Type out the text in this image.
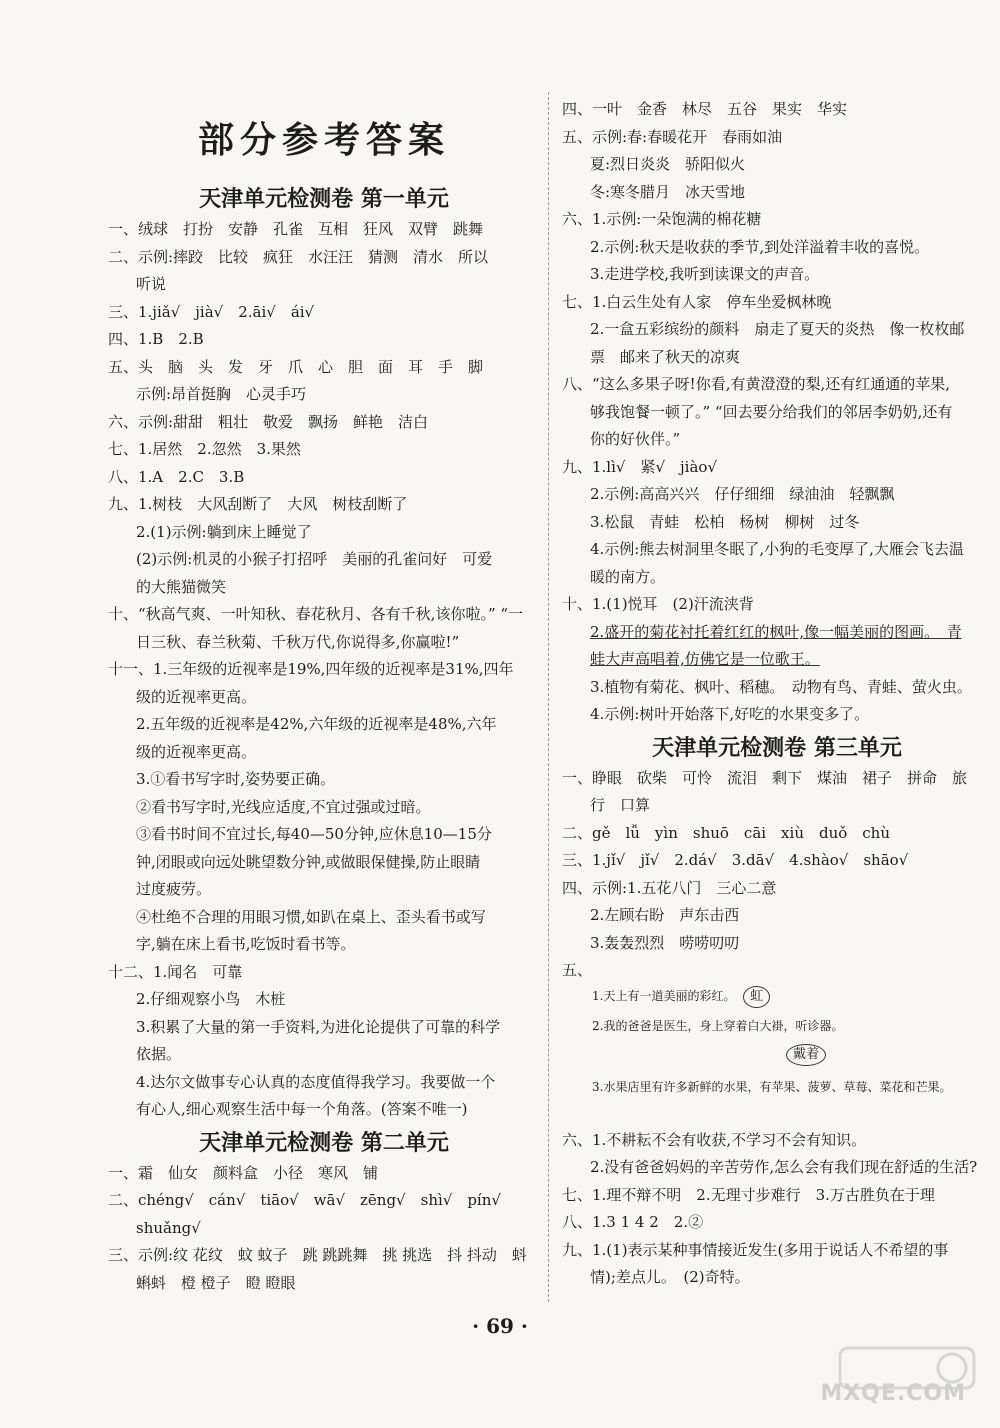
部分参考答案
天津单元检测卷 第一单元
一、绒球　打扮　安静　孔雀　互相　狂风　双臂　跳舞
二、示例:摔跤　比较　疯狂　水汪汪　猜测　清水　所以
听说
三、1.jiǎ√　jià√　2.āi√　ái√
四、1.B　2.B
五、头　脑　头　发　牙　爪　心　胆　面　耳　手　脚
示例:昂首挺胸　心灵手巧
六、示例:甜甜　粗壮　敬爱　飘扬　鲜艳　洁白
七、1.居然　2.忽然　3.果然
八、1.A　2.C　3.B
九、1.树枝　大风刮断了　大风　树枝刮断了
2.(1)示例:躺到床上睡觉了
(2)示例:机灵的小猴子打招呼　美丽的孔雀问好　可爱
的大熊猫微笑
十、“秋高气爽、一叶知秋、春花秋月、各有千秋,该你啦。” “一
日三秋、春兰秋菊、千秋万代,你说得多,你赢啦!”
十一、1.三年级的近视率是19%,四年级的近视率是31%,四年
级的近视率更高。
2.五年级的近视率是42%,六年级的近视率是48%,六年
级的近视率更高。
3.①看书写字时,姿势要正确。
②看书写字时,光线应适度,不宜过强或过暗。
③看书时间不宜过长,每40—50分钟,应休息10—15分
钟,闭眼或向远处眺望数分钟,或做眼保健操,防止眼睛
过度疲劳。
④杜绝不合理的用眼习惯,如趴在桌上、歪头看书或写
字,躺在床上看书,吃饭时看书等。
十二、1.闻名　可靠
2.仔细观察小鸟　木桩
3.积累了大量的第一手资料,为进化论提供了可靠的科学
依据。
4.达尔文做事专心认真的态度值得我学习。我要做一个
有心人,细心观察生活中每一个角落。(答案不唯一)
天津单元检测卷 第二单元
一、霜　仙女　颜料盒　小径　寒风　铺
二、chéng√　cán√　tiāo√　wā√　zēng√　shì√　pín√
shuǎng√
三、示例:纹 花纹　蚊 蚊子　跳 跳跳舞　挑 挑选　抖 抖动　蚪
蝌蚪　橙 橙子　瞪 瞪眼
四、一叶　金香　林尽　五谷　果实　华实
五、示例:春:春暖花开　春雨如油
夏:烈日炎炎　骄阳似火
冬:寒冬腊月　冰天雪地
六、1.示例:一朵饱满的棉花糖
2.示例:秋天是收获的季节,到处洋溢着丰收的喜悦。
3.走进学校,我听到读课文的声音。
七、1.白云生处有人家　停车坐爱枫林晚
2.一盒五彩缤纷的颜料　扇走了夏天的炎热　像一枚枚邮
票　邮来了秋天的凉爽
八、“这么多果子呀!你看,有黄澄澄的梨,还有红通通的苹果,
够我饱餐一顿了。” “回去要分给我们的邻居李奶奶,还有
你的好伙伴。”
九、1.lì√　紧√　jiào√
2.示例:高高兴兴　仔仔细细　绿油油　轻飘飘
3.松鼠　青蛙　松柏　杨树　柳树　过冬
4.示例:熊去树洞里冬眠了,小狗的毛变厚了,大雁会飞去温
暖的南方。
十、1.(1)悦耳　(2)汗流浃背
2.盛开的菊花衬托着红红的枫叶,像一幅美丽的图画。　青
蛙大声高唱着,仿佛它是一位歌王。
3.植物有菊花、枫叶、稻穗。　动物有鸟、青蛙、萤火虫。
4.示例:树叶开始落下,好吃的水果变多了。
天津单元检测卷 第三单元
一、睁眼　砍柴　可怜　流泪　剩下　煤油　裙子　拼命　旅
行　口算
二、gě　lǚ　yìn　shuō　cāi　xiù　duǒ　chù
三、1.jǐ√　jǐ√　2.dá√　3.dā√　4.shào√　shāo√
四、示例:1.五花八门　三心二意
2.左顾右盼　声东击西
3.轰轰烈烈　唠唠叨叨
五、
1.天上有一道美丽的彩红。 虹
2.我的爸爸是医生，身上穿着白大褂，听诊器。
戴着
3.水果店里有许多新鲜的水果，有苹果、菠萝、草莓、菜花和芒果。
六、1.不耕耘不会有收获,不学习不会有知识。
2.没有爸爸妈妈的辛苦劳作,怎么会有我们现在舒适的生活?
七、1.理不辩不明　2.无理寸步难行　3.万古胜负在于理
八、1.3 1 4 2　2.②
九、1.(1)表示某种事情接近发生(多用于说话人不希望的事
情);差点儿。　(2)奇特。
· 69 ·
MXQE.COM
